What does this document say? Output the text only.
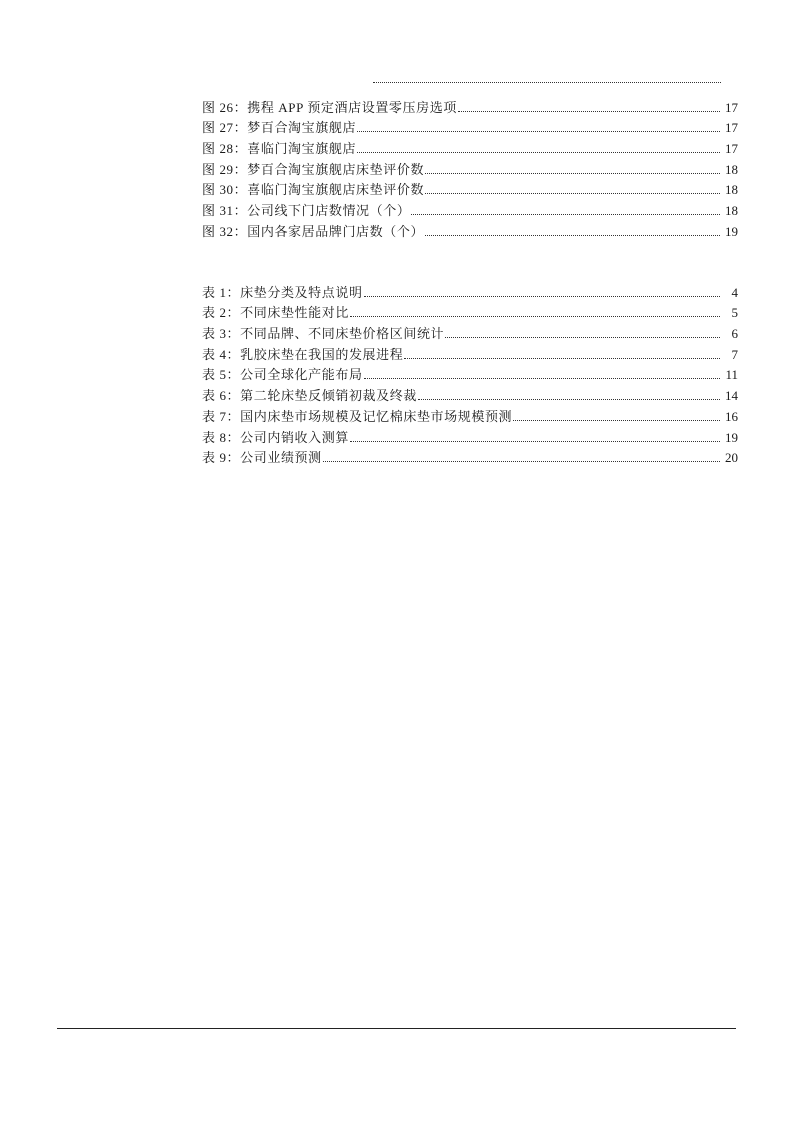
图 26：携程 APP 预定酒店设置零压房选项	17
图 27：梦百合淘宝旗舰店	17
图 28：喜临门淘宝旗舰店	17
图 29：梦百合淘宝旗舰店床垫评价数	18
图 30：喜临门淘宝旗舰店床垫评价数	18
图 31：公司线下门店数情况（个）	18
图 32：国内各家居品牌门店数（个）	19
表 1：床垫分类及特点说明	4
表 2：不同床垫性能对比	5
表 3：不同品牌、不同床垫价格区间统计	6
表 4：乳胶床垫在我国的发展进程	7
表 5：公司全球化产能布局	11
表 6：第二轮床垫反倾销初裁及终裁	14
表 7：国内床垫市场规模及记忆棉床垫市场规模预测	16
表 8：公司内销收入测算	19
表 9：公司业绩预测	20
